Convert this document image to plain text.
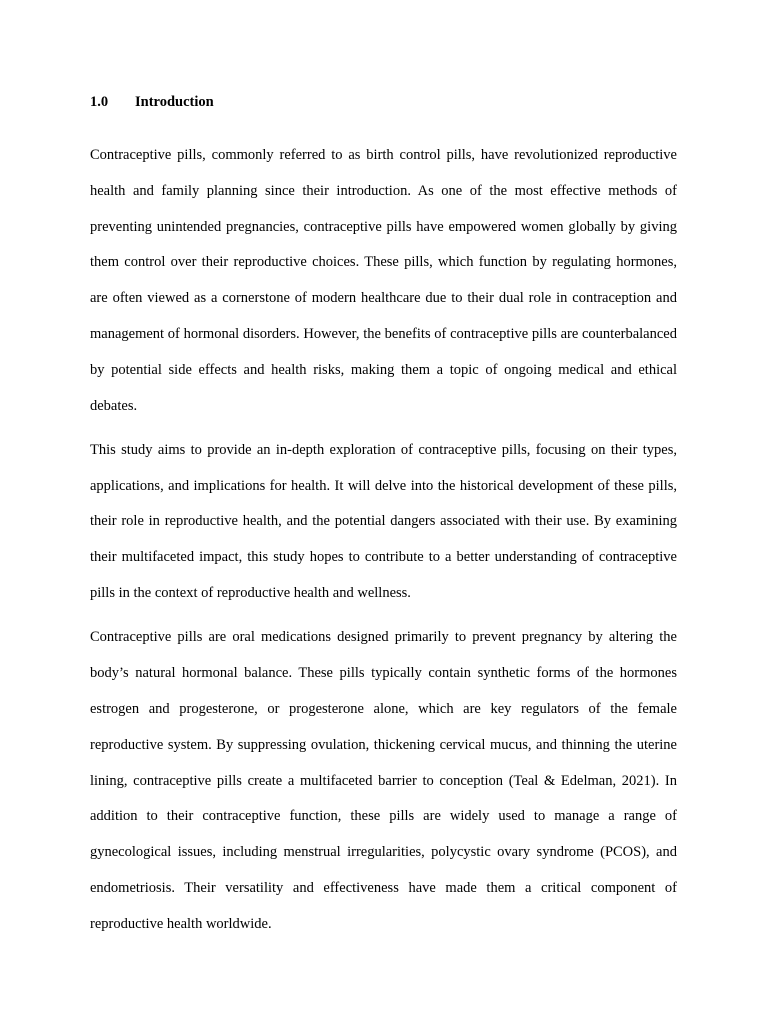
1.0	Introduction

Contraceptive pills, commonly referred to as birth control pills, have revolutionized reproductive health and family planning since their introduction. As one of the most effective methods of preventing unintended pregnancies, contraceptive pills have empowered women globally by giving them control over their reproductive choices. These pills, which function by regulating hormones, are often viewed as a cornerstone of modern healthcare due to their dual role in contraception and management of hormonal disorders. However, the benefits of contraceptive pills are counterbalanced by potential side effects and health risks, making them a topic of ongoing medical and ethical debates.

This study aims to provide an in-depth exploration of contraceptive pills, focusing on their types, applications, and implications for health. It will delve into the historical development of these pills, their role in reproductive health, and the potential dangers associated with their use. By examining their multifaceted impact, this study hopes to contribute to a better understanding of contraceptive pills in the context of reproductive health and wellness.

Contraceptive pills are oral medications designed primarily to prevent pregnancy by altering the body’s natural hormonal balance. These pills typically contain synthetic forms of the hormones estrogen and progesterone, or progesterone alone, which are key regulators of the female reproductive system. By suppressing ovulation, thickening cervical mucus, and thinning the uterine lining, contraceptive pills create a multifaceted barrier to conception (Teal & Edelman, 2021). In addition to their contraceptive function, these pills are widely used to manage a range of gynecological issues, including menstrual irregularities, polycystic ovary syndrome (PCOS), and endometriosis. Their versatility and effectiveness have made them a critical component of reproductive health worldwide.
